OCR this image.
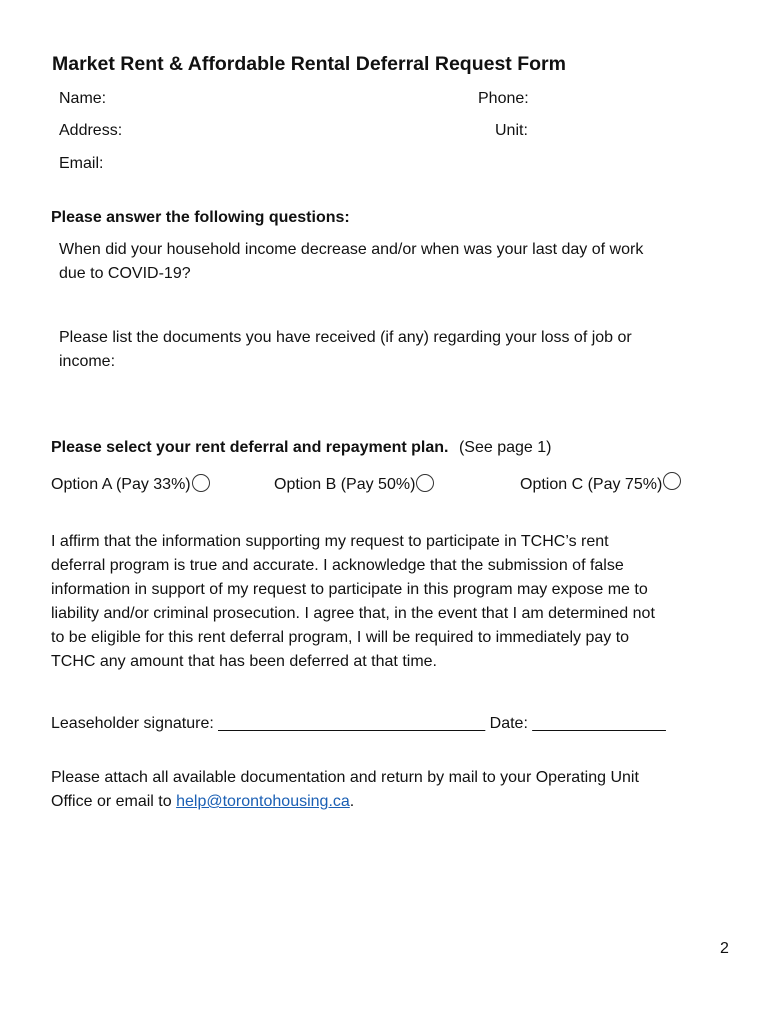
Market Rent & Affordable Rental Deferral Request Form
Name:	Phone:
Address:	Unit:
Email:
Please answer the following questions:
When did your household income decrease and/or when was your last day of work
due to COVID-19?
Please list the documents you have received (if any) regarding your loss of job or
income:
Please select your rent deferral and repayment plan. (See page 1)
Option A (Pay 33%)	Option B (Pay 50%)	Option C (Pay 75%)
I affirm that the information supporting my request to participate in TCHC’s rent
deferral program is true and accurate. I acknowledge that the submission of false
information in support of my request to participate in this program may expose me to
liability and/or criminal prosecution. I agree that, in the event that I am determined not
to be eligible for this rent deferral program, I will be required to immediately pay to
TCHC any amount that has been deferred at that time.
Leaseholder signature: ______________________________ Date: _______________
Please attach all available documentation and return by mail to your Operating Unit
Office or email to help@torontohousing.ca.
2
